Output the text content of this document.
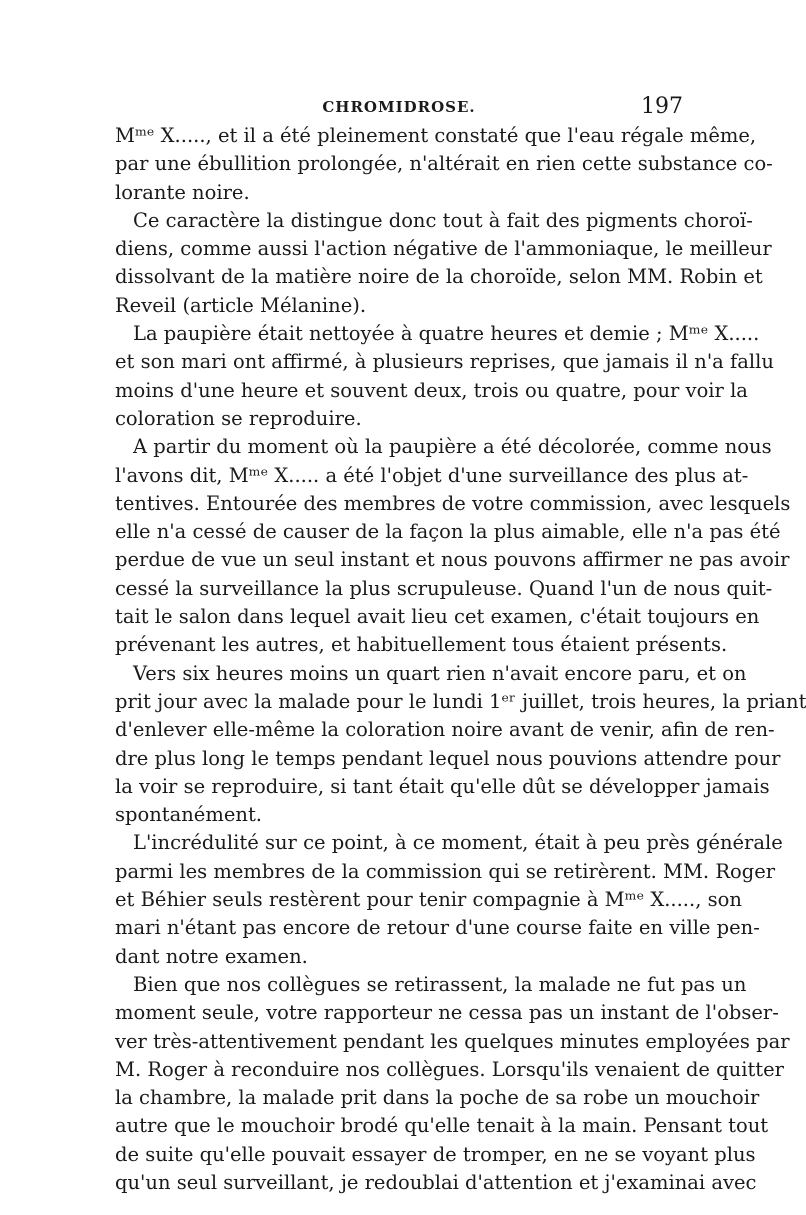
CHROMIDROSE.	197
Mᵐᵉ X....., et il a été pleinement constaté que l'eau régale même,
par une ébullition prolongée, n'altérait en rien cette substance co-
lorante noire.
Ce caractère la distingue donc tout à fait des pigments choroï-
diens, comme aussi l'action négative de l'ammoniaque, le meilleur
dissolvant de la matière noire de la choroïde, selon MM. Robin et
Reveil (article Mélanine).
La paupière était nettoyée à quatre heures et demie ; Mᵐᵉ X.....
et son mari ont affirmé, à plusieurs reprises, que jamais il n'a fallu
moins d'une heure et souvent deux, trois ou quatre, pour voir la
coloration se reproduire.
A partir du moment où la paupière a été décolorée, comme nous
l'avons dit, Mᵐᵉ X..... a été l'objet d'une surveillance des plus at-
tentives. Entourée des membres de votre commission, avec lesquels
elle n'a cessé de causer de la façon la plus aimable, elle n'a pas été
perdue de vue un seul instant et nous pouvons affirmer ne pas avoir
cessé la surveillance la plus scrupuleuse. Quand l'un de nous quit-
tait le salon dans lequel avait lieu cet examen, c'était toujours en
prévenant les autres, et habituellement tous étaient présents.
Vers six heures moins un quart rien n'avait encore paru, et on
prit jour avec la malade pour le lundi 1ᵉʳ juillet, trois heures, la priant
d'enlever elle-même la coloration noire avant de venir, afin de ren-
dre plus long le temps pendant lequel nous pouvions attendre pour
la voir se reproduire, si tant était qu'elle dût se développer jamais
spontanément.
L'incrédulité sur ce point, à ce moment, était à peu près générale
parmi les membres de la commission qui se retirèrent. MM. Roger
et Béhier seuls restèrent pour tenir compagnie à Mᵐᵉ X....., son
mari n'étant pas encore de retour d'une course faite en ville pen-
dant notre examen.
Bien que nos collègues se retirassent, la malade ne fut pas un
moment seule, votre rapporteur ne cessa pas un instant de l'obser-
ver très-attentivement pendant les quelques minutes employées par
M. Roger à reconduire nos collègues. Lorsqu'ils venaient de quitter
la chambre, la malade prit dans la poche de sa robe un mouchoir
autre que le mouchoir brodé qu'elle tenait à la main. Pensant tout
de suite qu'elle pouvait essayer de tromper, en ne se voyant plus
qu'un seul surveillant, je redoublai d'attention et j'examinai avec
